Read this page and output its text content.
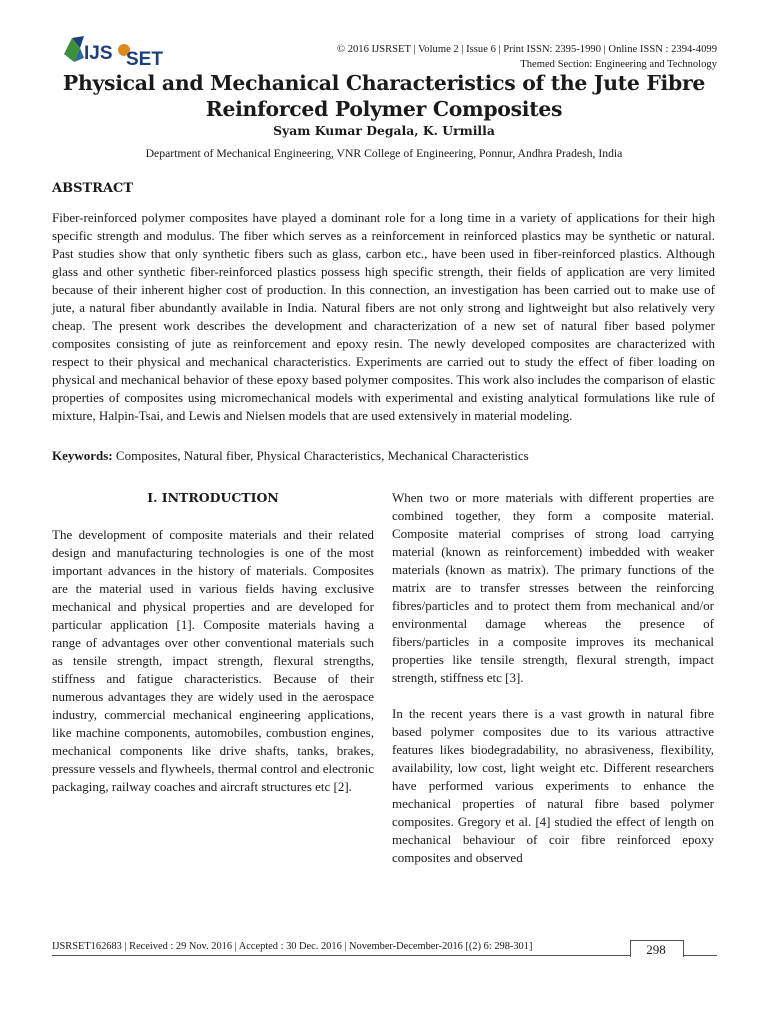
IJS SET	© 2016 IJSRSET | Volume 2 | Issue 6 | Print ISSN: 2395-1990 | Online ISSN : 2394-4099
Themed Section: Engineering and Technology
Physical and Mechanical Characteristics of the Jute Fibre
Reinforced Polymer Composites
Syam Kumar Degala, K. Urmilla
Department of Mechanical Engineering, VNR College of Engineering, Ponnur, Andhra Pradesh, India
ABSTRACT
Fiber-reinforced polymer composites have played a dominant role for a long time in a variety of applications for their high specific strength and modulus. The fiber which serves as a reinforcement in reinforced plastics may be synthetic or natural. Past studies show that only synthetic fibers such as glass, carbon etc., have been used in fiber-reinforced plastics. Although glass and other synthetic fiber-reinforced plastics possess high specific strength, their fields of application are very limited because of their inherent higher cost of production. In this connection, an investigation has been carried out to make use of jute, a natural fiber abundantly available in India. Natural fibers are not only strong and lightweight but also relatively very cheap. The present work describes the development and characterization of a new set of natural fiber based polymer composites consisting of jute as reinforcement and epoxy resin. The newly developed composites are characterized with respect to their physical and mechanical characteristics. Experiments are carried out to study the effect of fiber loading on physical and mechanical behavior of these epoxy based polymer composites. This work also includes the comparison of elastic properties of composites using micromechanical models with experimental and existing analytical formulations like rule of mixture, Halpin-Tsai, and Lewis and Nielsen models that are used extensively in material modeling.
Keywords: Composites, Natural fiber, Physical Characteristics, Mechanical Characteristics
I. INTRODUCTION

The development of composite materials and their related design and manufacturing technologies is one of the most important advances in the history of materials. Composites are the material used in various fields having exclusive mechanical and physical properties and are developed for particular application [1]. Composite materials having a range of advantages over other conventional materials such as tensile strength, impact strength, flexural strengths, stiffness and fatigue characteristics. Because of their numerous advantages they are widely used in the aerospace industry, commercial mechanical engineering applications, like machine components, automobiles, combustion engines, mechanical components like drive shafts, tanks, brakes, pressure vessels and flywheels, thermal control and electronic packaging, railway coaches and aircraft structures etc [2].

When two or more materials with different properties are combined together, they form a composite material. Composite material comprises of strong load carrying material (known as reinforcement) imbedded with weaker materials (known as matrix). The primary functions of the matrix are to transfer stresses between the reinforcing fibres/particles and to protect them from mechanical and/or environmental damage whereas the presence of fibers/particles in a composite improves its mechanical properties like tensile strength, flexural strength, impact strength, stiffness etc [3].

In the recent years there is a vast growth in natural fibre based polymer composites due to its various attractive features likes biodegradability, no abrasiveness, flexibility, availability, low cost, light weight etc. Different researchers have performed various experiments to enhance the mechanical properties of natural fibre based polymer composites. Gregory et al. [4] studied the effect of length on mechanical behaviour of coir fibre reinforced epoxy composites and observed

IJSRSET162683 | Received : 29 Nov. 2016 | Accepted : 30 Dec. 2016 | November-December-2016 [(2) 6: 298-301]	298
